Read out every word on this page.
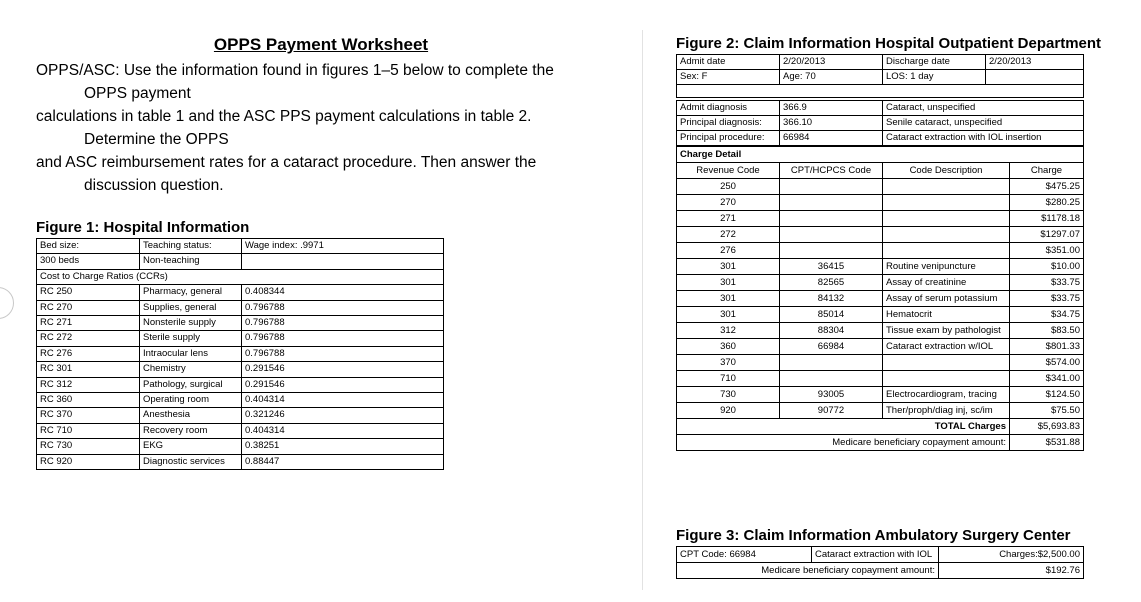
OPPS Payment Worksheet

OPPS/ASC: Use the information found in figures 1–5 below to complete the
OPPS payment
calculations in table 1 and the ASC PPS payment calculations in table 2.
Determine the OPPS
and ASC reimbursement rates for a cataract procedure. Then answer the
discussion question.

Figure 1: Hospital Information
Bed size:	Teaching status:	Wage index: .9971
300 beds	Non-teaching	
Cost to Charge Ratios (CCRs)		
RC 250	Pharmacy, general	0.408344
RC 270	Supplies, general	0.796788
RC 271	Nonsterile supply	0.796788
RC 272	Sterile supply	0.796788
RC 276	Intraocular lens	0.796788
RC 301	Chemistry	0.291546
RC 312	Pathology, surgical	0.291546
RC 360	Operating room	0.404314
RC 370	Anesthesia	0.321246
RC 710	Recovery room	0.404314
RC 730	EKG	0.38251
RC 920	Diagnostic services	0.88447
Figure 2: Claim Information Hospital Outpatient Department
Admit date	2/20/2013	Discharge date	2/20/2013
Sex: F	Age: 70	LOS: 1 day	

Admit diagnosis	366.9	Cataract, unspecified
Principal diagnosis:	366.10	Senile cataract, unspecified
Principal procedure:	66984	Cataract extraction with IOL insertion
Charge Detail			
Revenue Code	CPT/HCPCS Code	Code Description	Charge
250			$475.25
270			$280.25
271			$1178.18
272			$1297.07
276			$351.00
301	36415	Routine venipuncture	$10.00
301	82565	Assay of creatinine	$33.75
301	84132	Assay of serum potassium	$33.75
301	85014	Hematocrit	$34.75
312	88304	Tissue exam by pathologist	$83.50
360	66984	Cataract extraction w/IOL	$801.33
370			$574.00
710			$341.00
730	93005	Electrocardiogram, tracing	$124.50
920	90772	Ther/proph/diag inj, sc/im	$75.50
TOTAL Charges			$5,693.83
Medicare beneficiary copayment amount:			$531.88
Figure 3: Claim Information Ambulatory Surgery Center
CPT Code: 66984	Cataract extraction with IOL	Charges:$2,500.00
Medicare beneficiary copayment amount:		$192.76
